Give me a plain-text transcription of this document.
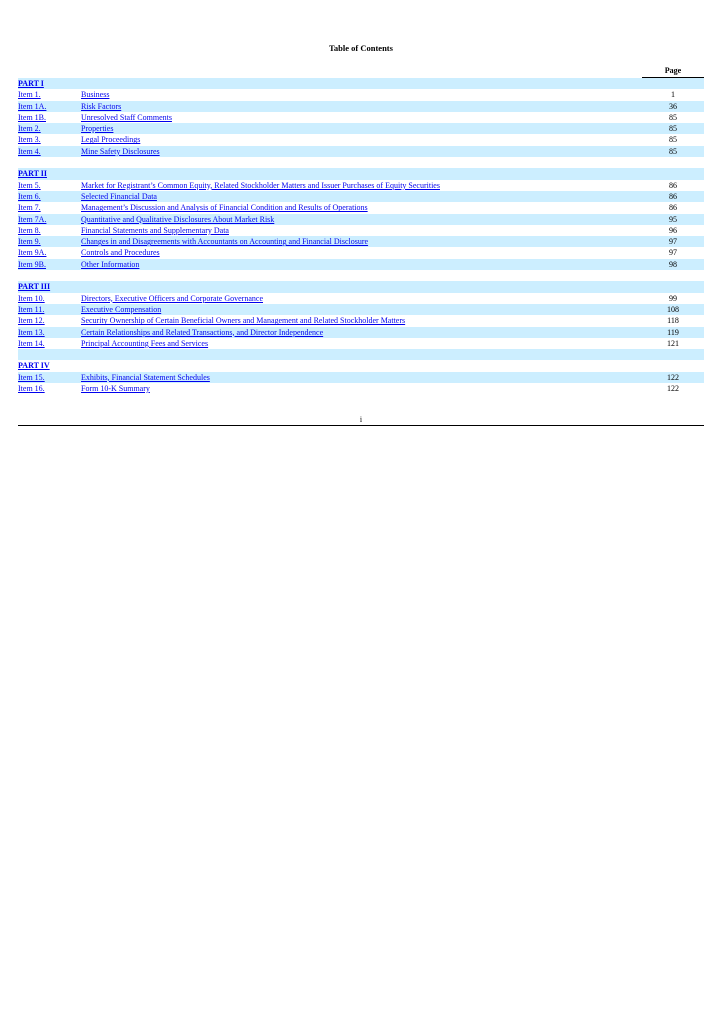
Table of Contents
Page
PART I
Item 1.	Business	1
Item 1A.	Risk Factors	36
Item 1B.	Unresolved Staff Comments	85
Item 2.	Properties	85
Item 3.	Legal Proceedings	85
Item 4.	Mine Safety Disclosures	85
PART II
Item 5.	Market for Registrant’s Common Equity, Related Stockholder Matters and Issuer Purchases of Equity Securities	86
Item 6.	Selected Financial Data	86
Item 7.	Management’s Discussion and Analysis of Financial Condition and Results of Operations	86
Item 7A.	Quantitative and Qualitative Disclosures About Market Risk	95
Item 8.	Financial Statements and Supplementary Data	96
Item 9.	Changes in and Disagreements with Accountants on Accounting and Financial Disclosure	97
Item 9A.	Controls and Procedures	97
Item 9B.	Other Information	98
PART III
Item 10.	Directors, Executive Officers and Corporate Governance	99
Item 11.	Executive Compensation	108
Item 12.	Security Ownership of Certain Beneficial Owners and Management and Related Stockholder Matters	118
Item 13.	Certain Relationships and Related Transactions, and Director Independence	119
Item 14.	Principal Accounting Fees and Services	121
PART IV
Item 15.	Exhibits, Financial Statement Schedules	122
Item 16.	Form 10-K Summary	122
i
